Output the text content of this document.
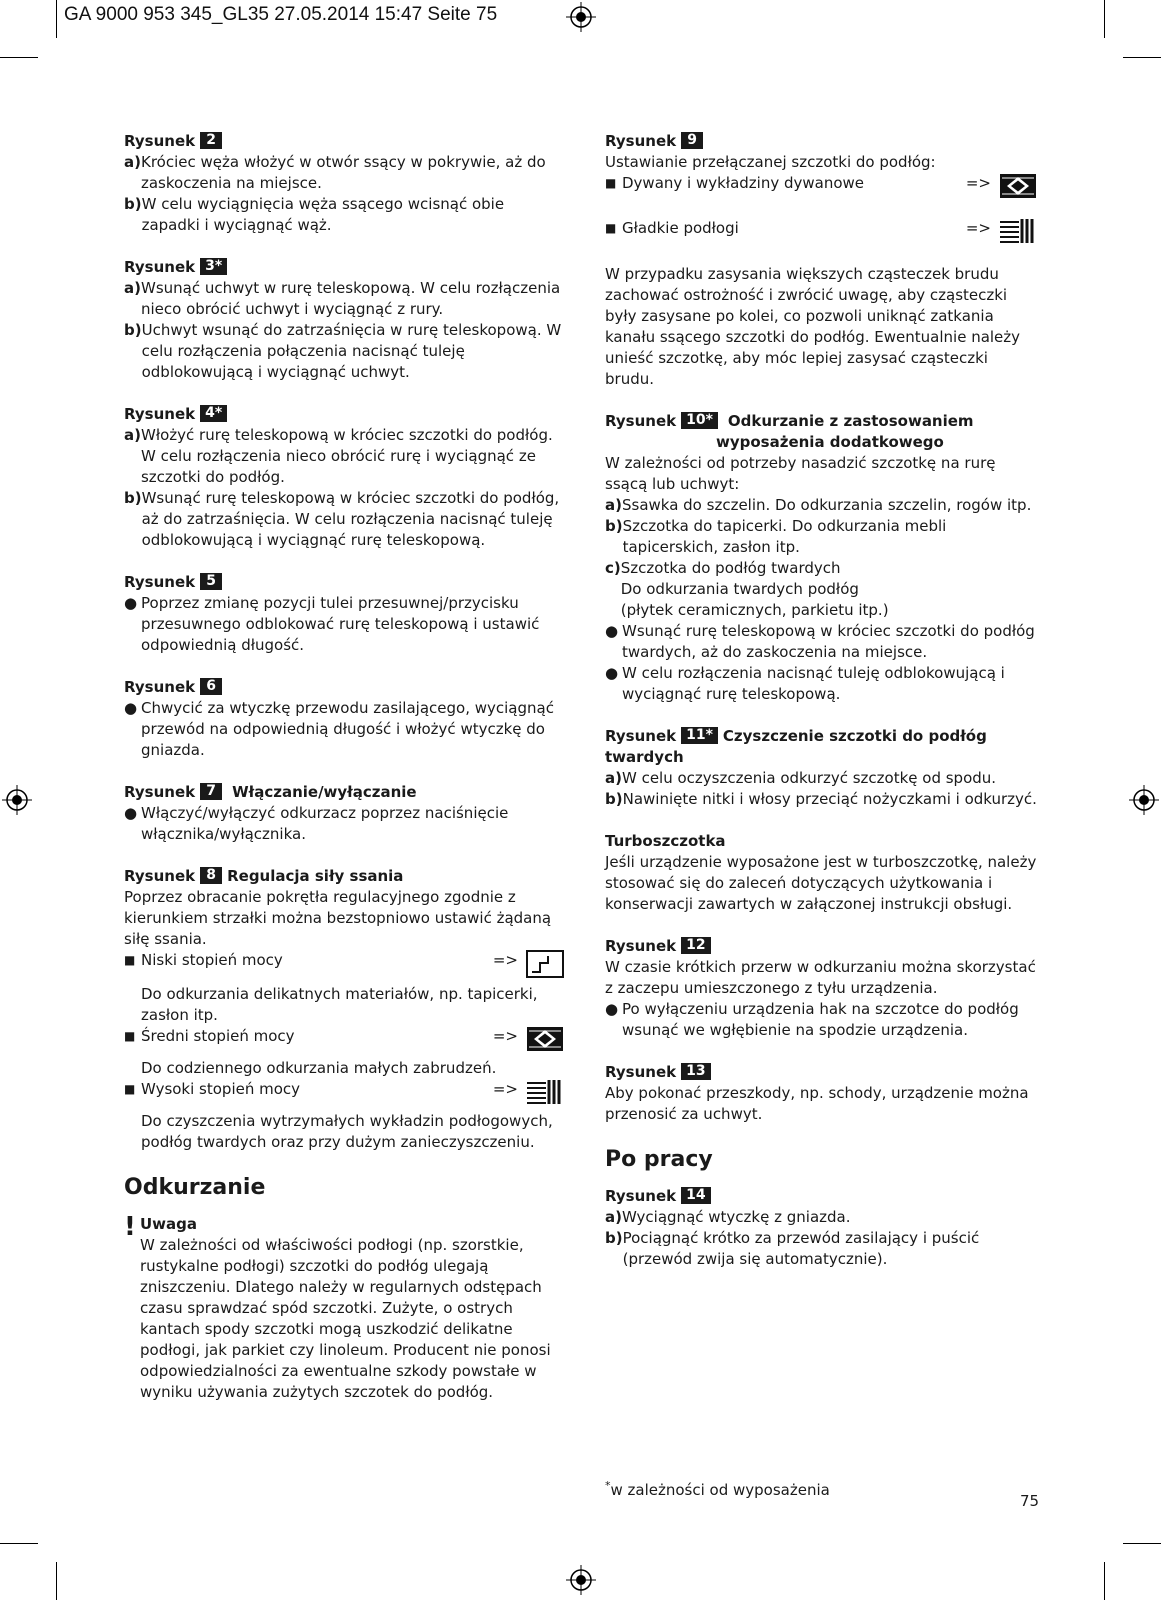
GA 9000 953 345_GL35 27.05.2014 15:47 Seite 75
Rysunek 2
a) Króciec węża włożyć w otwór ssący w pokrywie, aż do zaskoczenia na miejsce.
b) W celu wyciągnięcia węża ssącego wcisnąć obie zapadki i wyciągnąć wąż.
Rysunek 3*
a) Wsunąć uchwyt w rurę teleskopową. W celu rozłączenia nieco obrócić uchwyt i wyciągnąć z rury.
b) Uchwyt wsunąć do zatrzaśnięcia w rurę teleskopową. W celu rozłączenia połączenia nacisnąć tuleję odblokowującą i wyciągnąć uchwyt.
Rysunek 4*
a) Włożyć rurę teleskopową w króciec szczotki do podłóg. W celu rozłączenia nieco obrócić rurę i wyciągnąć ze szczotki do podłóg.
b) Wsunąć rurę teleskopową w króciec szczotki do podłóg, aż do zatrzaśnięcia. W celu rozłączenia nacisnąć tuleję odblokowującą i wyciągnąć rurę teleskopową.
Rysunek 5
● Poprzez zmianę pozycji tulei przesuwnej/przycisku przesuwnego odblokować rurę teleskopową i ustawić odpowiednią długość.
Rysunek 6
● Chwycić za wtyczkę przewodu zasilającego, wyciągnąć przewód na odpowiednią długość i włożyć wtyczkę do gniazda.
Rysunek 7	Włączanie/wyłączanie
● Włączyć/wyłączyć odkurzacz poprzez naciśnięcie włącznika/wyłącznika.
Rysunek 8 Regulacja siły ssania
Poprzez obracanie pokrętła regulacyjnego zgodnie z kierunkiem strzałki można bezstopniowo ustawić żądaną siłę ssania.
■ Niski stopień mocy	=>
Do odkurzania delikatnych materiałów, np. tapicerki, zasłon itp.
■ Średni stopień mocy	=>
Do codziennego odkurzania małych zabrudzeń.
■ Wysoki stopień mocy	=>
Do czyszczenia wytrzymałych wykładzin podłogowych, podłóg twardych oraz przy dużym zanieczyszczeniu.
Odkurzanie
! Uwaga
W zależności od właściwości podłogi (np. szorstkie, rustykalne podłogi) szczotki do podłóg ulegają zniszczeniu. Dlatego należy w regularnych odstępach czasu sprawdzać spód szczotki. Zużyte, o ostrych kantach spody szczotki mogą uszkodzić delikatne podłogi, jak parkiet czy linoleum. Producent nie ponosi odpowiedzialności za ewentualne szkody powstałe w wyniku używania zużytych szczotek do podłóg.
Rysunek 9
Ustawianie przełączanej szczotki do podłóg:
■ Dywany i wykładziny dywanowe	=>
■ Gładkie podłogi	=>
W przypadku zasysania większych cząsteczek brudu zachować ostrożność i zwrócić uwagę, aby cząsteczki były zasysane po kolei, co pozwoli uniknąć zatkania kanału ssącego szczotki do podłóg. Ewentualnie należy unieść szczotkę, aby móc lepiej zasysać cząsteczki brudu.
Rysunek 10*	Odkurzanie z zastosowaniem
wyposażenia dodatkowego
W zależności od potrzeby nasadzić szczotkę na rurę ssącą lub uchwyt:
a) Ssawka do szczelin. Do odkurzania szczelin, rogów itp.
b) Szczotka do tapicerki. Do odkurzania mebli tapicerskich, zasłon itp.
c) Szczotka do podłóg twardych
Do odkurzania twardych podłóg
(płytek ceramicznych, parkietu itp.)
● Wsunąć rurę teleskopową w króciec szczotki do podłóg twardych, aż do zaskoczenia na miejsce.
● W celu rozłączenia nacisnąć tuleję odblokowującą i wyciągnąć rurę teleskopową.
Rysunek 11* Czyszczenie szczotki do podłóg
twardych
a) W celu oczyszczenia odkurzyć szczotkę od spodu.
b) Nawinięte nitki i włosy przeciąć nożyczkami i odkurzyć.
Turboszczotka
Jeśli urządzenie wyposażone jest w turboszczotkę, należy stosować się do zaleceń dotyczących użytkowania i konserwacji zawartych w załączonej instrukcji obsługi.
Rysunek 12
W czasie krótkich przerw w odkurzaniu można skorzystać z zaczepu umieszczonego z tyłu urządzenia.
● Po wyłączeniu urządzenia hak na szczotce do podłóg wsunąć we wgłębienie na spodzie urządzenia.
Rysunek 13
Aby pokonać przeszkody, np. schody, urządzenie można przenosić za uchwyt.
Po pracy
Rysunek 14
a) Wyciągnąć wtyczkę z gniazda.
b) Pociągnąć krótko za przewód zasilający i puścić
(przewód zwija się automatycznie).
*w zależności od wyposażenia
75
